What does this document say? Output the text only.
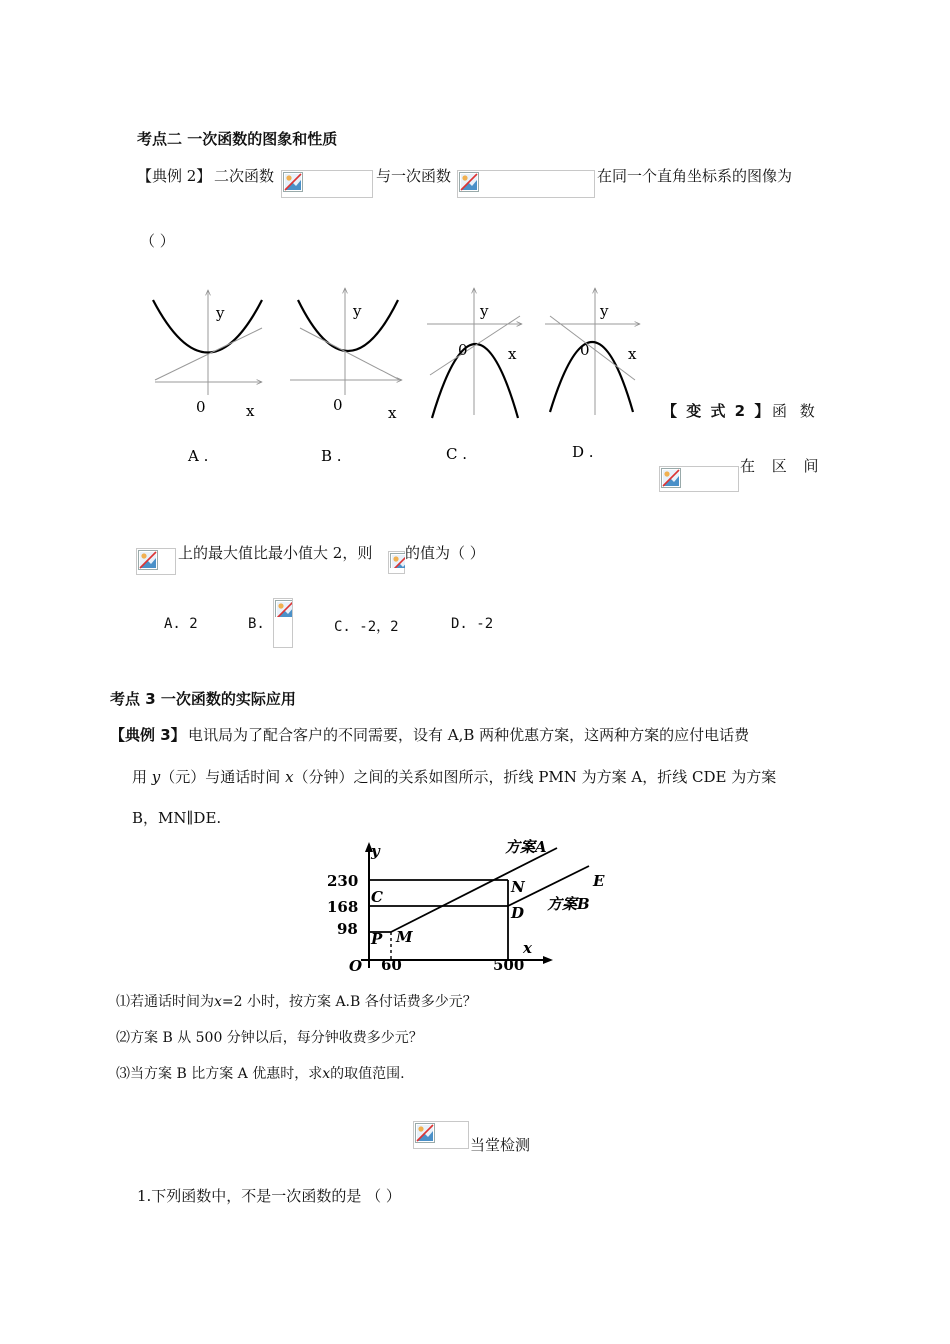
考点二 一次函数的图象和性质
【典例 2】 二次函数	与一次函数	在同一个直角坐标系的图像为
（ ）
y
0	x
A .
y
0	x
B .
y
0	x
C .
y
0	x
D .
【 变 式 2 】 函 数
在 区 间
上的最大值比最小值大 2，则 的值为（ ）
A. 2	B.	C. -2，2	D. -2
考点 3 一次函数的实际应用
【典例 3】 电讯局为了配合客户的不同需要，设有 A,B 两种优惠方案，这两种方案的应付电话费
用 y（元）与通话时间 x（分钟）之间的关系如图所示，折线 PMN 为方案 A，折线 CDE 为方案
B，MN∥DE.
y
x
O
230
168
98
60	500
C
P M
N
D
E
方案A
方案B
⑴若通话时间为x=2 小时，按方案 A.B 各付话费多少元？
⑵方案 B 从 500 分钟以后，每分钟收费多少元？
⑶当方案 B 比方案 A 优惠时，求x的取值范围.
当堂检测
1.下列函数中，不是一次函数的是 （ ）
